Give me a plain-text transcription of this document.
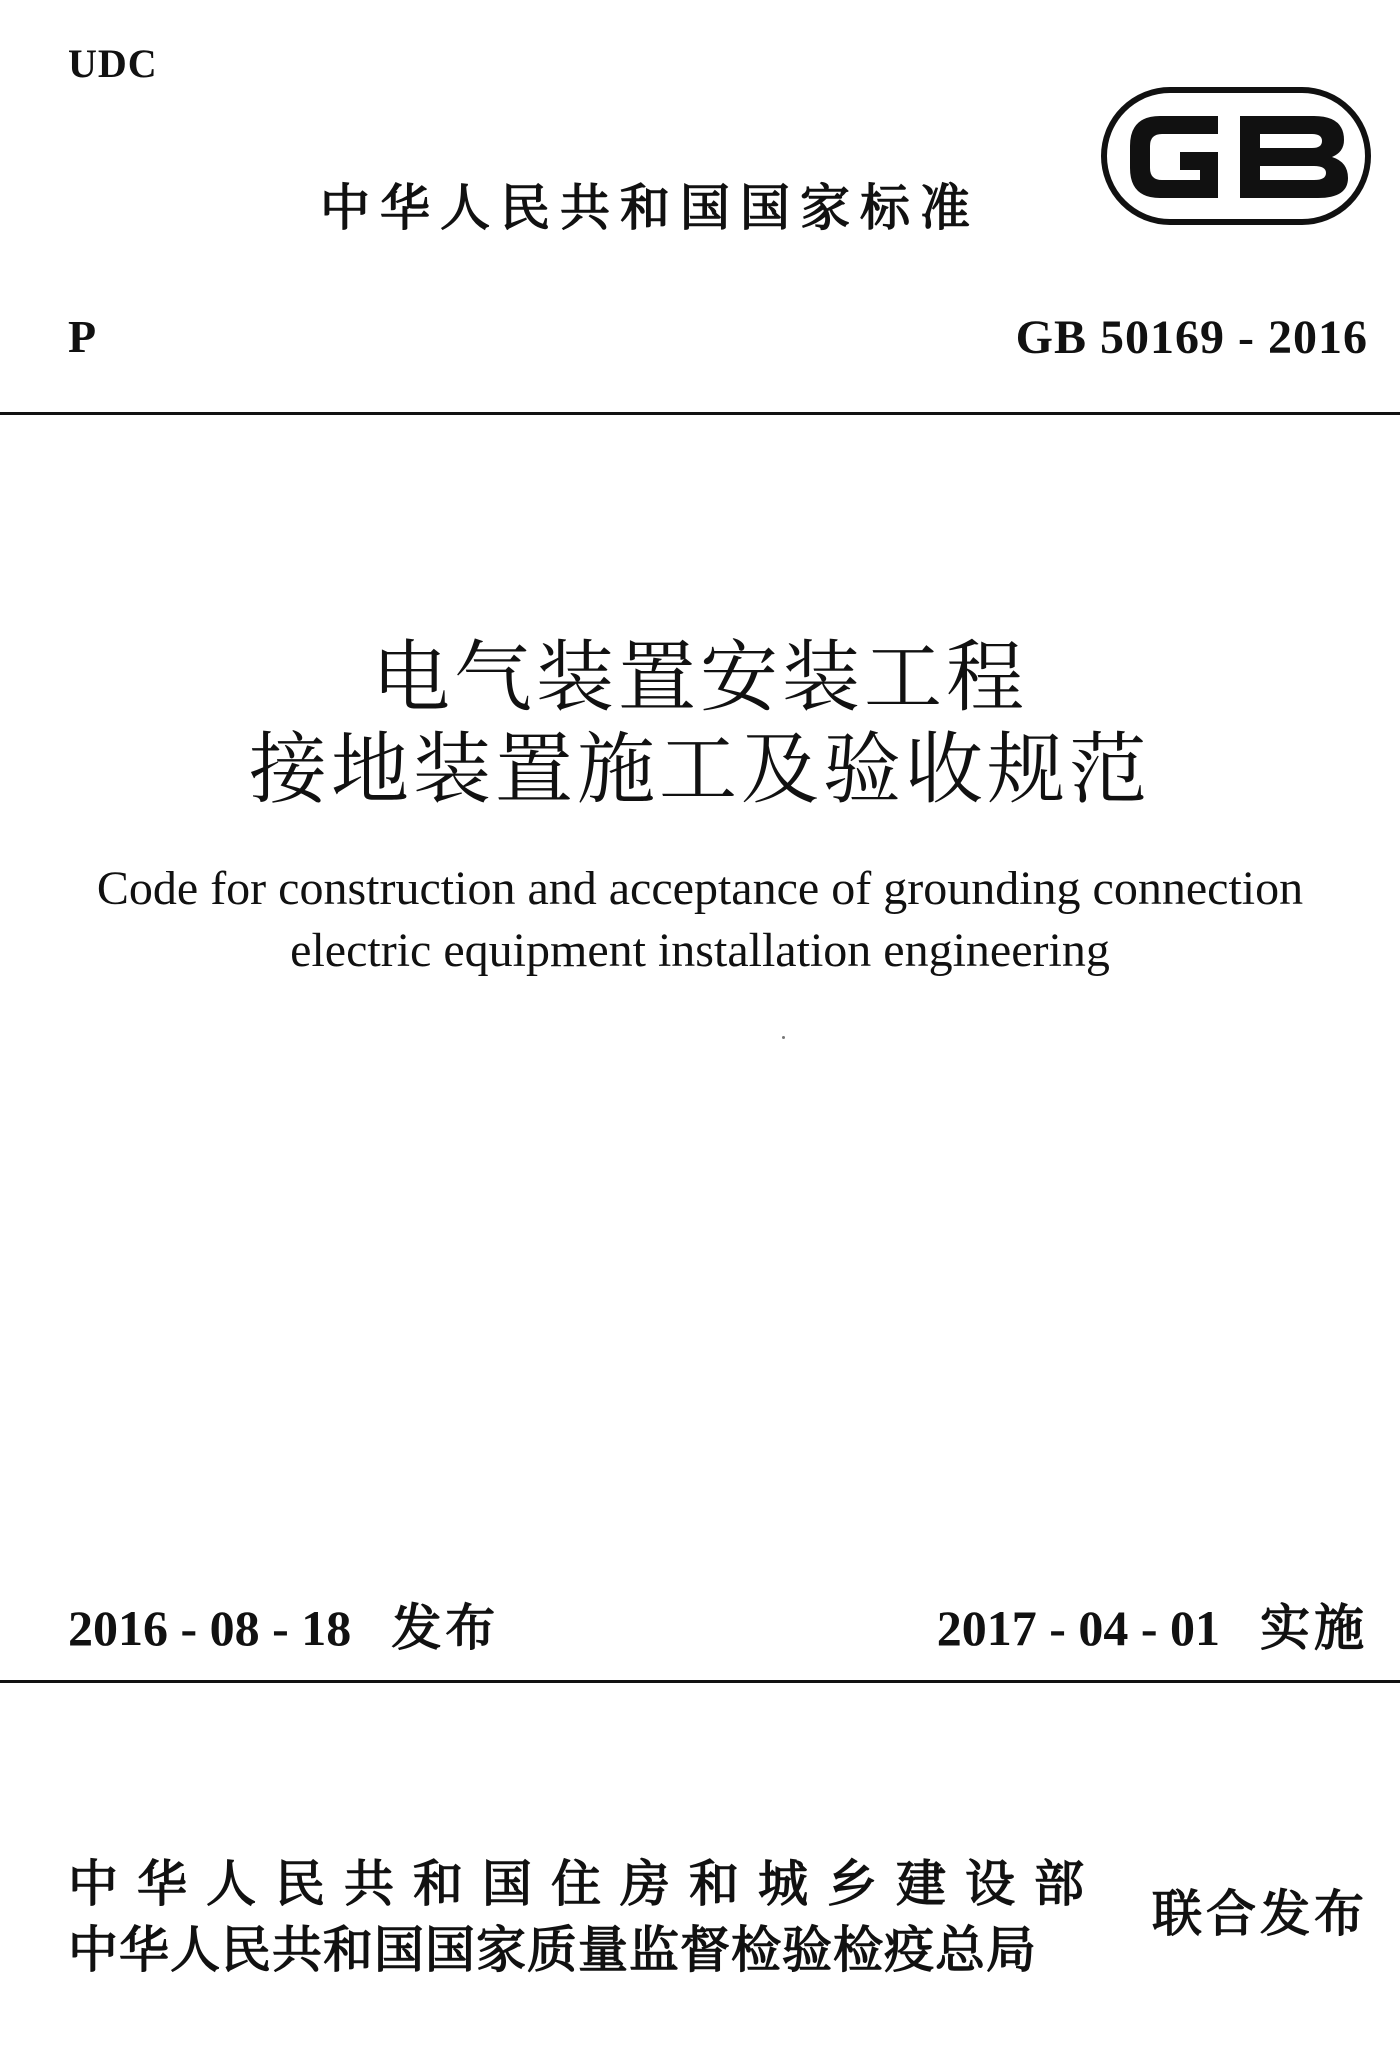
UDC
中华人民共和国国家标准
P	GB 50169 - 2016
电气装置安装工程
接地装置施工及验收规范
Code for construction and acceptance of grounding connection
electric equipment installation engineering
2016 - 08 - 18 发布	2017 - 04 - 01 实施
中华人民共和国住房和城乡建设部
中华人民共和国国家质量监督检验检疫总局
联合发布
